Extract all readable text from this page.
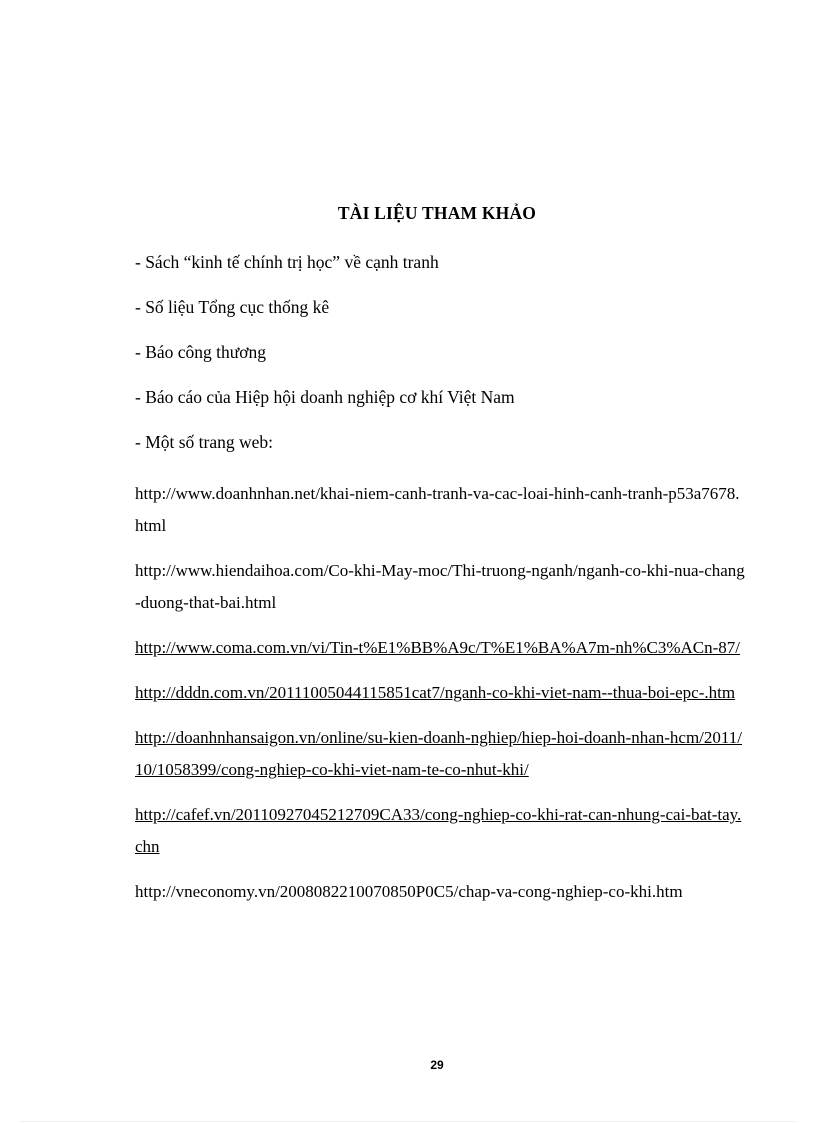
TÀI LIỆU THAM KHẢO
- Sách “kinh tế chính trị học” về cạnh tranh
- Số liệu Tổng cục thống kê
- Báo công thương
- Báo cáo của Hiệp hội doanh nghiệp cơ khí Việt Nam
- Một số trang web:
http://www.doanhnhan.net/khai-niem-canh-tranh-va-cac-loai-hinh-canh-tranh-p53a7678.html
http://www.hiendaihoa.com/Co-khi-May-moc/Thi-truong-nganh/nganh-co-khi-nua-chang-duong-that-bai.html
http://www.coma.com.vn/vi/Tin-t%E1%BB%A9c/T%E1%BA%A7m-nh%C3%ACn-87/
http://dddn.com.vn/20111005044115851cat7/nganh-co-khi-viet-nam--thua-boi-epc-.htm
http://doanhnhansaigon.vn/online/su-kien-doanh-nghiep/hiep-hoi-doanh-nhan-hcm/2011/10/1058399/cong-nghiep-co-khi-viet-nam-te-co-nhut-khi/
http://cafef.vn/20110927045212709CA33/cong-nghiep-co-khi-rat-can-nhung-cai-bat-tay.chn
http://vneconomy.vn/2008082210070850P0C5/chap-va-cong-nghiep-co-khi.htm
29
